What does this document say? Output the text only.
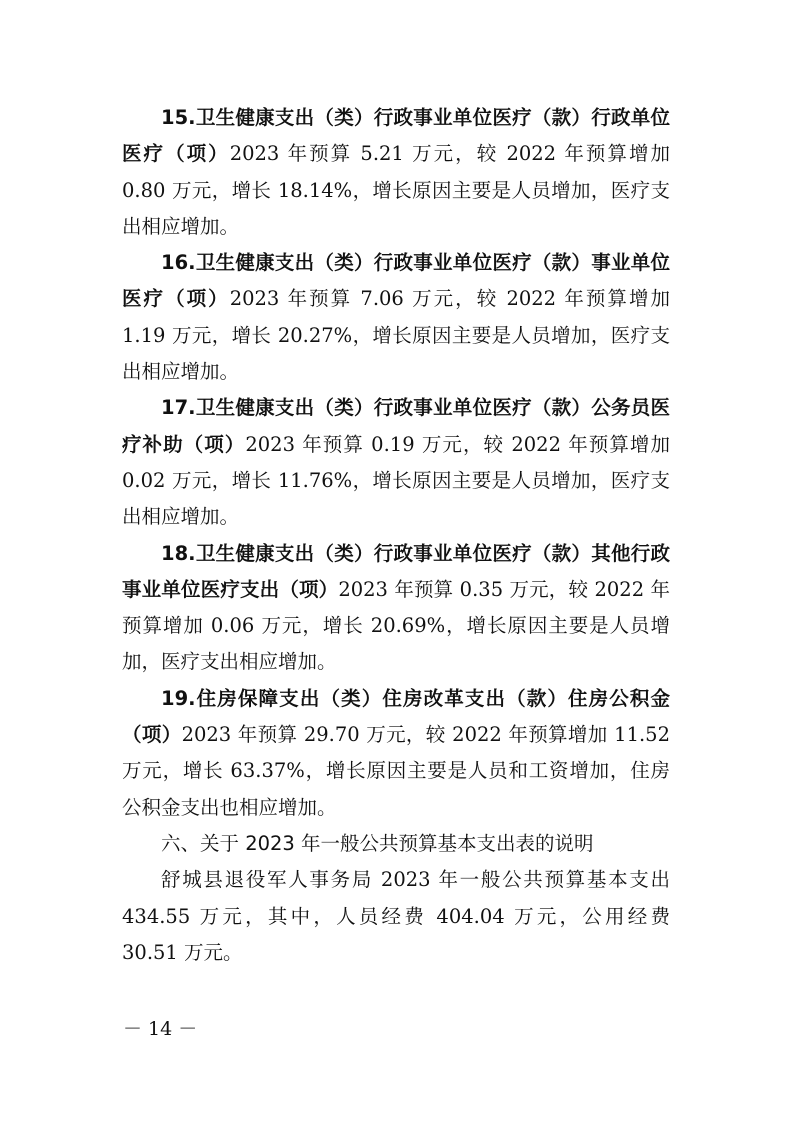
15.卫生健康支出（类）行政事业单位医疗（款）行政单位医疗（项）2023 年预算 5.21 万元，较 2022 年预算增加 0.80 万元，增长 18.14%，增长原因主要是人员增加，医疗支出相应增加。

16.卫生健康支出（类）行政事业单位医疗（款）事业单位医疗（项）2023 年预算 7.06 万元，较 2022 年预算增加 1.19 万元，增长 20.27%，增长原因主要是人员增加，医疗支出相应增加。

17.卫生健康支出（类）行政事业单位医疗（款）公务员医疗补助（项）2023 年预算 0.19 万元，较 2022 年预算增加 0.02 万元，增长 11.76%，增长原因主要是人员增加，医疗支出相应增加。

18.卫生健康支出（类）行政事业单位医疗（款）其他行政事业单位医疗支出（项）2023 年预算 0.35 万元，较 2022 年预算增加 0.06 万元，增长 20.69%，增长原因主要是人员增加，医疗支出相应增加。

19.住房保障支出（类）住房改革支出（款）住房公积金（项）2023 年预算 29.70 万元，较 2022 年预算增加 11.52 万元，增长 63.37%，增长原因主要是人员和工资增加，住房公积金支出也相应增加。

六、关于 2023 年一般公共预算基本支出表的说明

舒城县退役军人事务局 2023 年一般公共预算基本支出 434.55 万元，其中，人员经费 404.04 万元，公用经费 30.51 万元。

－ 14 －
